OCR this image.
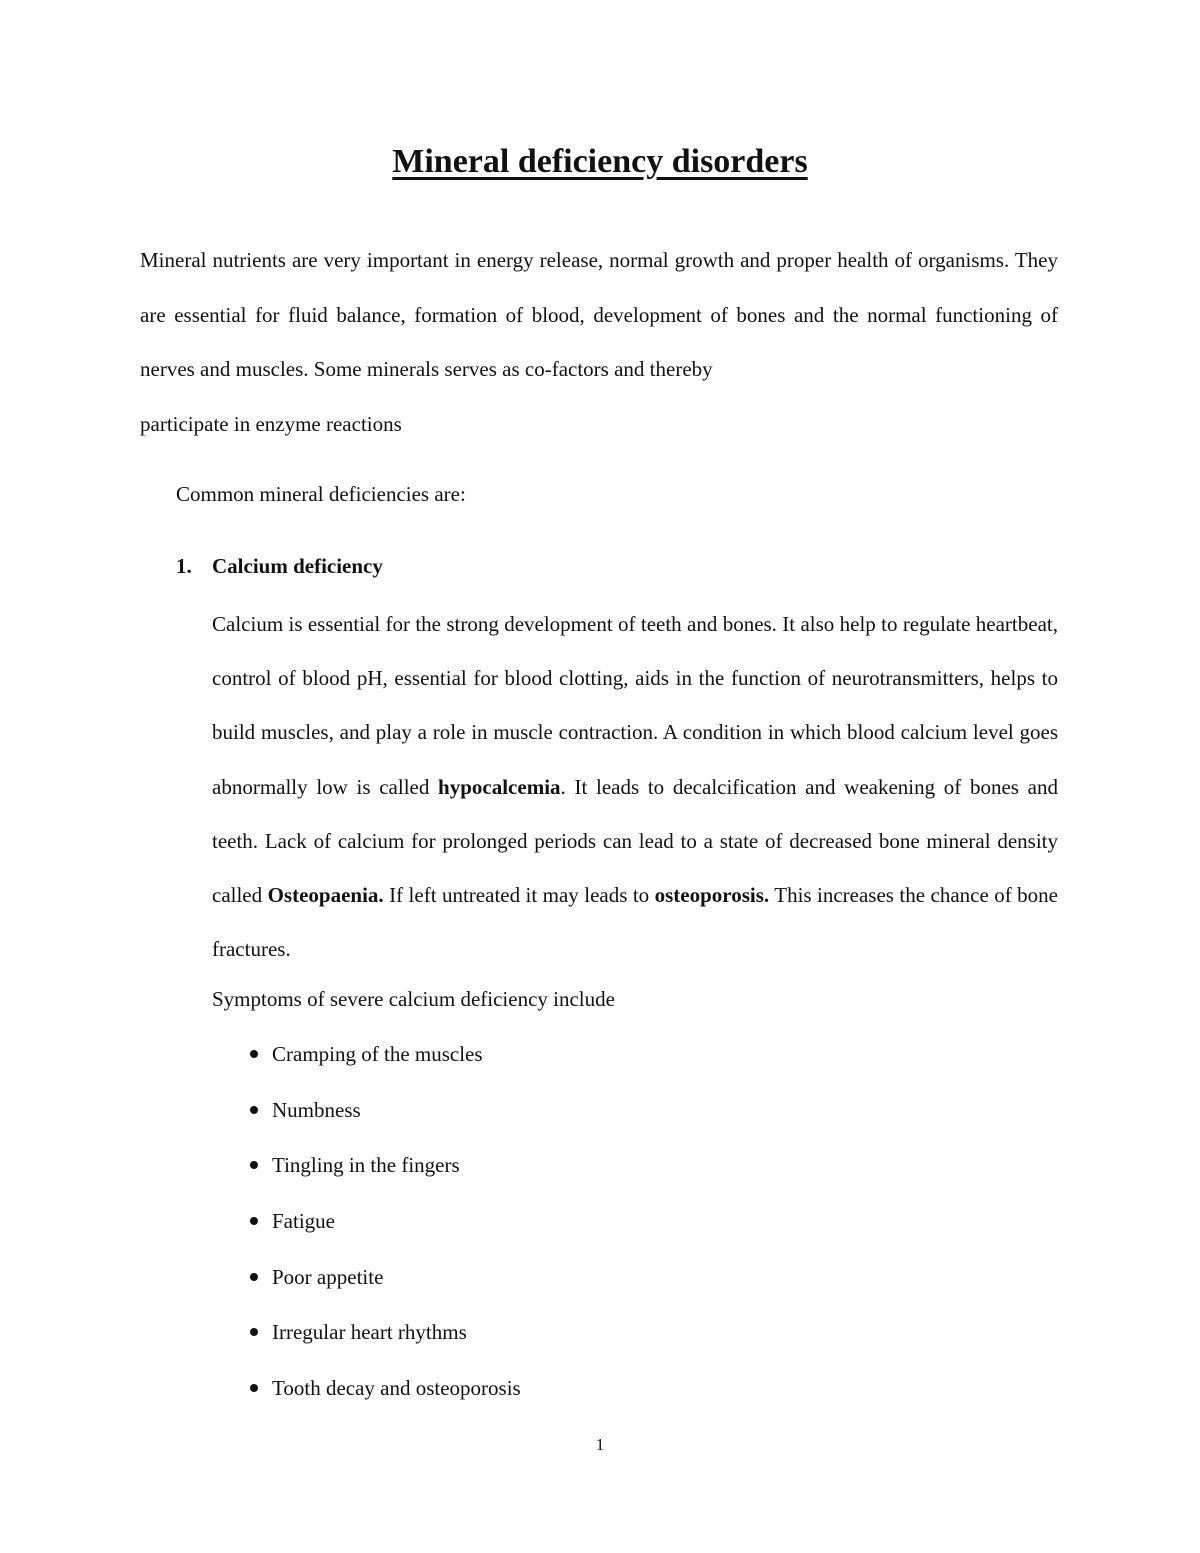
Mineral deficiency disorders

Mineral nutrients are very important in energy release, normal growth and proper health of organisms. They are essential for fluid balance, formation of blood, development of bones and the normal functioning of nerves and muscles. Some minerals serves as co-factors and thereby
participate in enzyme reactions

Common mineral deficiencies are:
1. Calcium deficiency

Calcium is essential for the strong development of teeth and bones. It also help to regulate heartbeat, control of blood pH, essential for blood clotting, aids in the function of neurotransmitters, helps to build muscles, and play a role in muscle contraction. A condition in which blood calcium level goes abnormally low is called hypocalcemia. It leads to decalcification and weakening of bones and teeth. Lack of calcium for prolonged periods can lead to a state of decreased bone mineral density called Osteopaenia. If left untreated it may leads to osteoporosis. This increases the chance of bone fractures.

Symptoms of severe calcium deficiency include
Cramping of the muscles
Numbness
Tingling in the fingers
Fatigue
Poor appetite
Irregular heart rhythms
Tooth decay and osteoporosis
1
